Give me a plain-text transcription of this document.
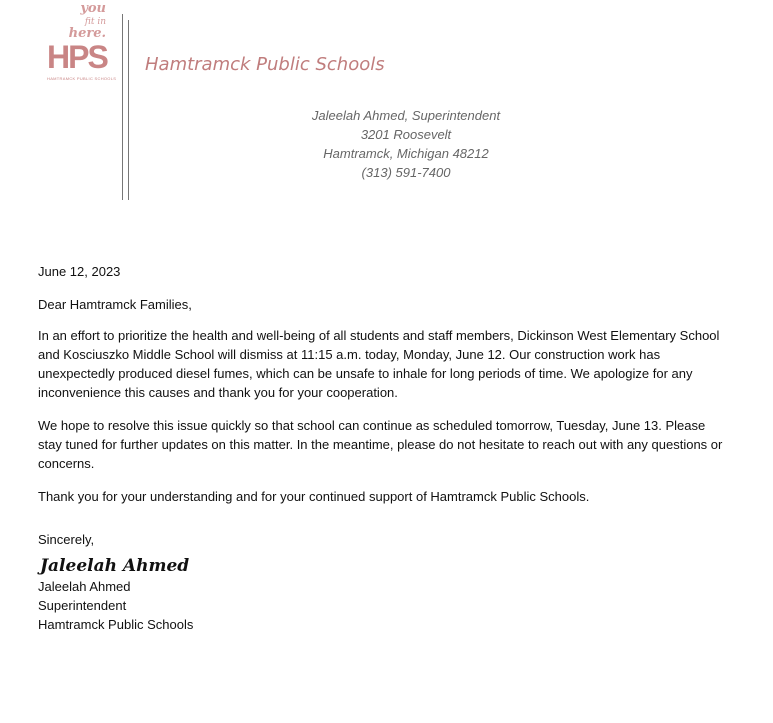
you
fit in
here.
HPS
HAMTRAMCK PUBLIC SCHOOLS
Hamtramck Public Schools
Jaleelah Ahmed, Superintendent
3201 Roosevelt
Hamtramck, Michigan 48212
(313) 591-7400
June 12, 2023
Dear Hamtramck Families,

In an effort to prioritize the health and well-being of all students and staff members, Dickinson West Elementary School and Kosciuszko Middle School will dismiss at 11:15 a.m. today, Monday, June 12. Our construction work has unexpectedly produced diesel fumes, which can be unsafe to inhale for long periods of time. We apologize for any inconvenience this causes and thank you for your cooperation.

We hope to resolve this issue quickly so that school can continue as scheduled tomorrow, Tuesday, June 13. Please stay tuned for further updates on this matter. In the meantime, please do not hesitate to reach out with any questions or concerns.

Thank you for your understanding and for your continued support of Hamtramck Public Schools.

Sincerely,
Jaleelah Ahmed
Jaleelah Ahmed
Superintendent
Hamtramck Public Schools
